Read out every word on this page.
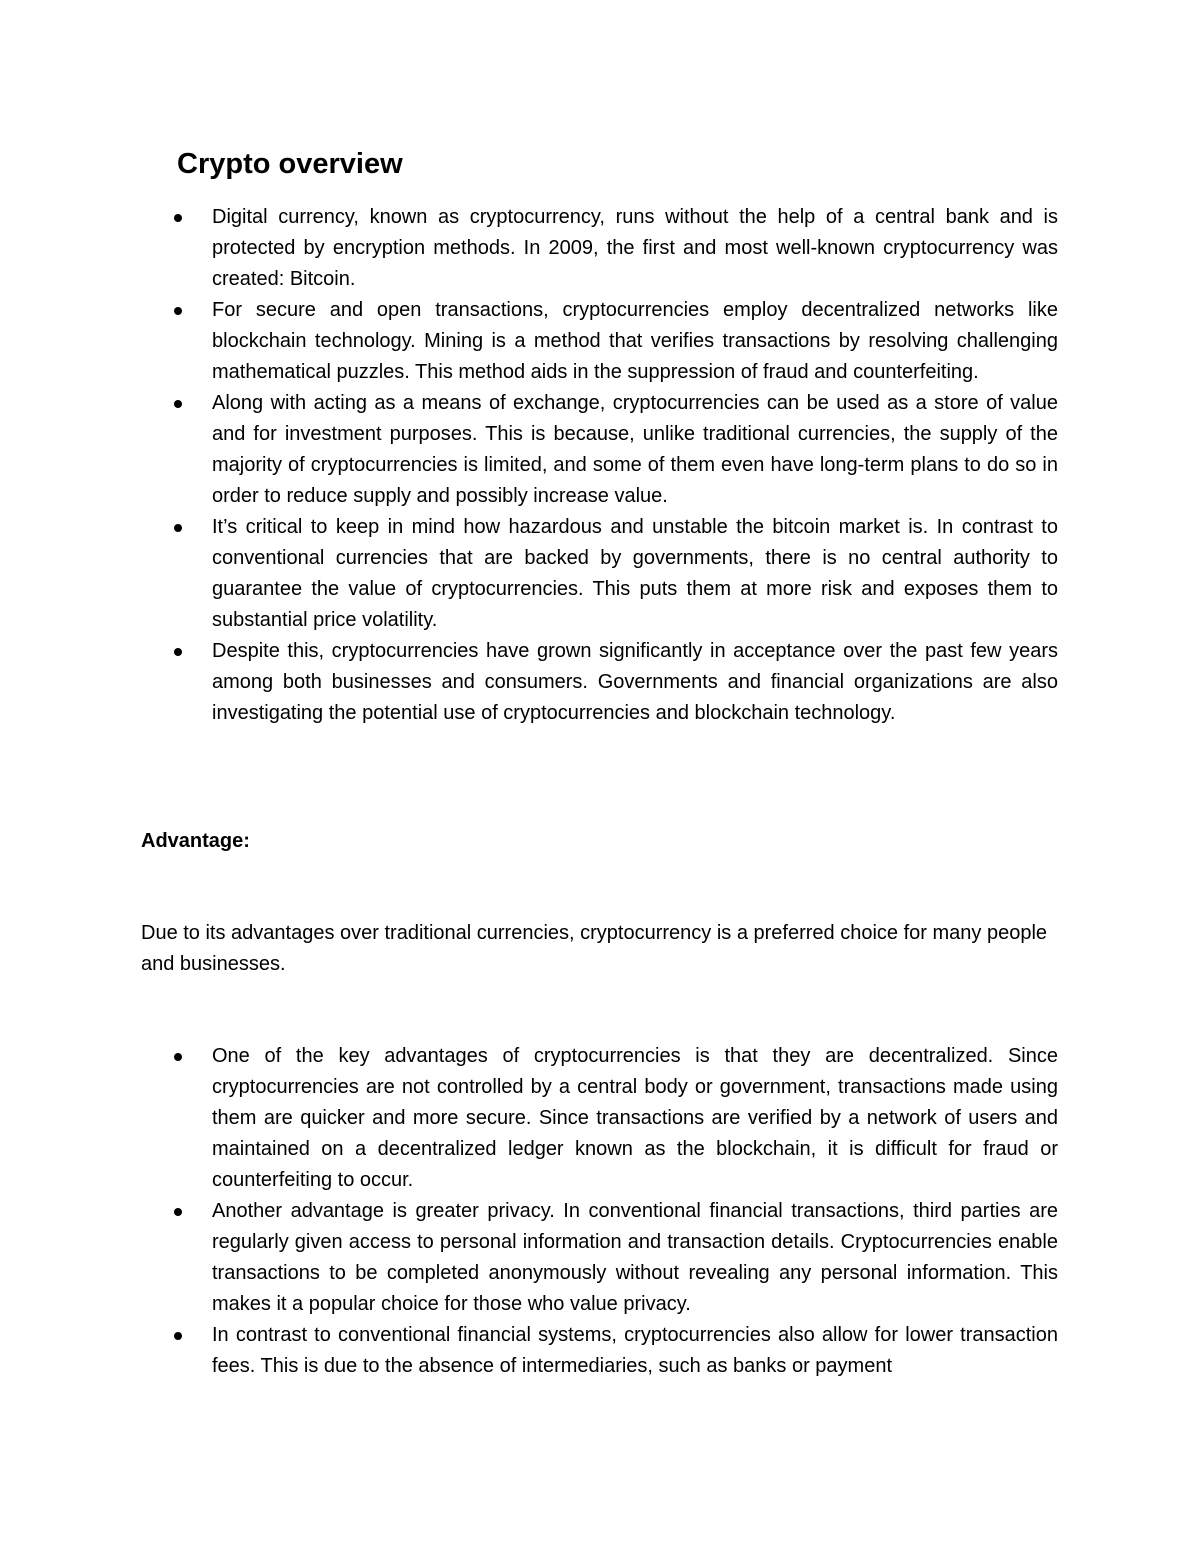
Crypto overview
Digital currency, known as cryptocurrency, runs without the help of a central bank and is protected by encryption methods. In 2009, the first and most well-known cryptocurrency was created: Bitcoin.
For secure and open transactions, cryptocurrencies employ decentralized networks like blockchain technology. Mining is a method that verifies transactions by resolving challenging mathematical puzzles. This method aids in the suppression of fraud and counterfeiting.
Along with acting as a means of exchange, cryptocurrencies can be used as a store of value and for investment purposes. This is because, unlike traditional currencies, the supply of the majority of cryptocurrencies is limited, and some of them even have long-term plans to do so in order to reduce supply and possibly increase value.
It’s critical to keep in mind how hazardous and unstable the bitcoin market is. In contrast to conventional currencies that are backed by governments, there is no central authority to guarantee the value of cryptocurrencies. This puts them at more risk and exposes them to substantial price volatility.
Despite this, cryptocurrencies have grown significantly in acceptance over the past few years among both businesses and consumers. Governments and financial organizations are also investigating the potential use of cryptocurrencies and blockchain technology.
Advantage:

Due to its advantages over traditional currencies, cryptocurrency is a preferred choice for many people and businesses.

One of the key advantages of cryptocurrencies is that they are decentralized. Since cryptocurrencies are not controlled by a central body or government, transactions made using them are quicker and more secure. Since transactions are verified by a network of users and maintained on a decentralized ledger known as the blockchain, it is difficult for fraud or counterfeiting to occur.
Another advantage is greater privacy. In conventional financial transactions, third parties are regularly given access to personal information and transaction details. Cryptocurrencies enable transactions to be completed anonymously without revealing any personal information. This makes it a popular choice for those who value privacy.
In contrast to conventional financial systems, cryptocurrencies also allow for lower transaction fees. This is due to the absence of intermediaries, such as banks or payment
